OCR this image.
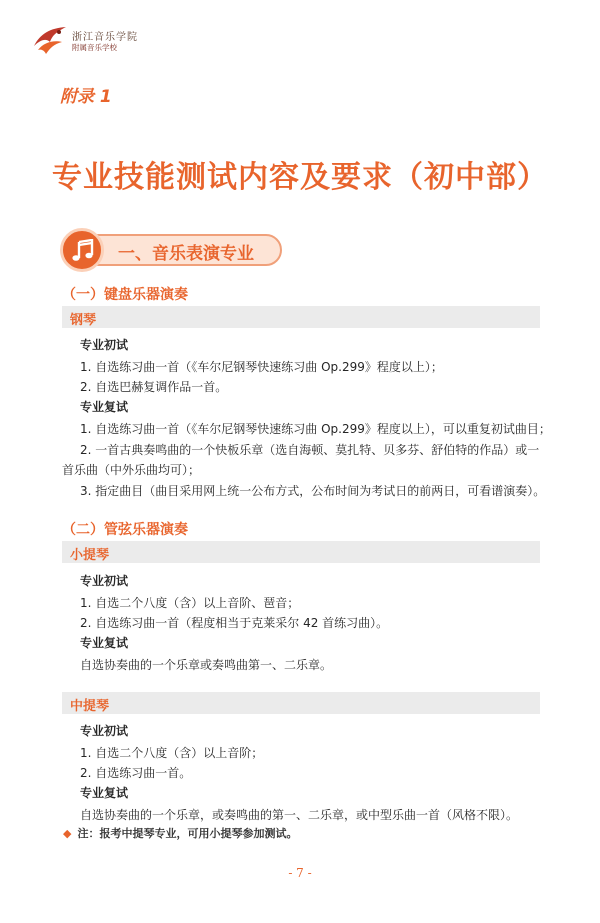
浙江音乐学院
附属音乐学校
附录 1
专业技能测试内容及要求（初中部）
一、音乐表演专业
（一）键盘乐器演奏
钢琴
专业初试
1. 自选练习曲一首（《车尔尼钢琴快速练习曲 Op.299》程度以上）；
2. 自选巴赫复调作品一首。
专业复试
1. 自选练习曲一首（《车尔尼钢琴快速练习曲 Op.299》程度以上），可以重复初试曲目；
2. 一首古典奏鸣曲的一个快板乐章（选自海顿、莫扎特、贝多芬、舒伯特的作品）或一首乐曲（中外乐曲均可）；
3. 指定曲目（曲目采用网上统一公布方式，公布时间为考试日的前两日，可看谱演奏）。
（二）管弦乐器演奏
小提琴
专业初试
1. 自选二个八度（含）以上音阶、琶音；
2. 自选练习曲一首（程度相当于克莱采尔 42 首练习曲）。
专业复试
自选协奏曲的一个乐章或奏鸣曲第一、二乐章。
中提琴
专业初试
1. 自选二个八度（含）以上音阶；
2. 自选练习曲一首。
专业复试
自选协奏曲的一个乐章，或奏鸣曲的第一、二乐章，或中型乐曲一首（风格不限）。
◆ 注：报考中提琴专业，可用小提琴参加测试。
- 7 -
